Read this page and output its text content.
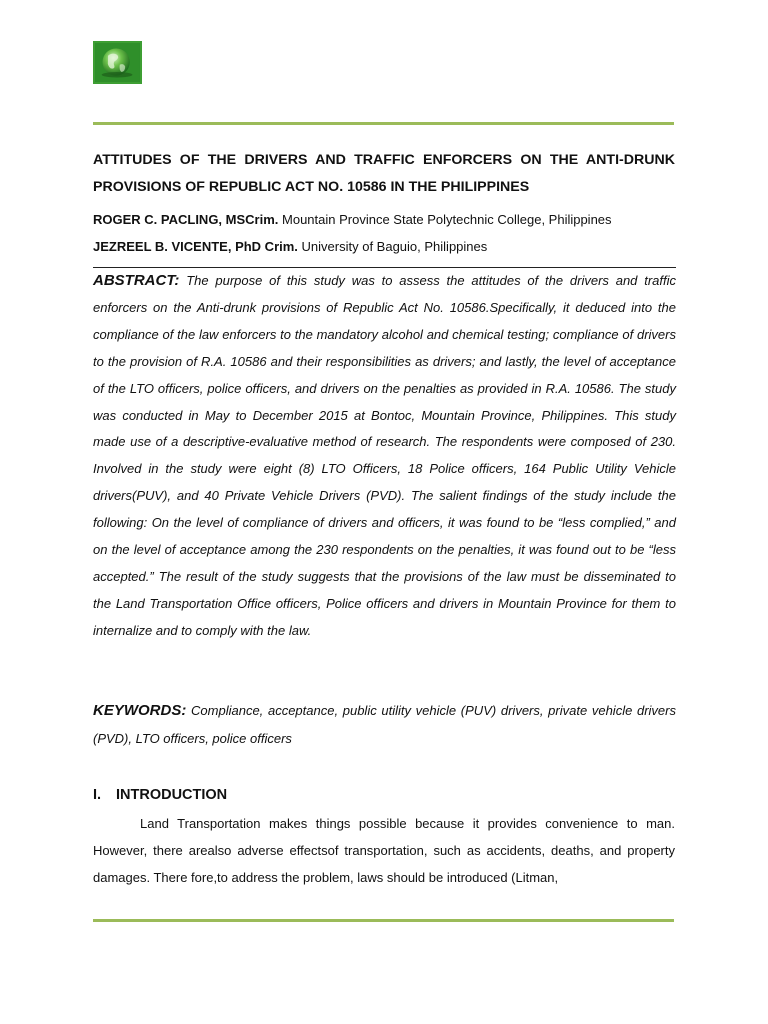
ATTITUDES OF THE DRIVERS AND TRAFFIC ENFORCERS ON THE ANTI-DRUNK PROVISIONS OF REPUBLIC ACT NO. 10586 IN THE PHILIPPINES
ROGER C. PACLING, MSCrim. Mountain Province State Polytechnic College, Philippines
JEZREEL B. VICENTE, PhD Crim. University of Baguio, Philippines

ABSTRACT: The purpose of this study was to assess the attitudes of the drivers and traffic enforcers on the Anti-drunk provisions of Republic Act No. 10586.Specifically, it deduced into the compliance of the law enforcers to the mandatory alcohol and chemical testing; compliance of drivers to the provision of R.A. 10586 and their responsibilities as drivers; and lastly, the level of acceptance of the LTO officers, police officers, and drivers on the penalties as provided in R.A. 10586. The study was conducted in May to December 2015 at Bontoc, Mountain Province, Philippines. This study made use of a descriptive-evaluative method of research. The respondents were composed of 230. Involved in the study were eight (8) LTO Officers, 18 Police officers, 164 Public Utility Vehicle drivers(PUV), and 40 Private Vehicle Drivers (PVD). The salient findings of the study include the following: On the level of compliance of drivers and officers, it was found to be “less complied,” and on the level of acceptance among the 230 respondents on the penalties, it was found out to be “less accepted.” The result of the study suggests that the provisions of the law must be disseminated to the Land Transportation Office officers, Police officers and drivers in Mountain Province for them to internalize and to comply with the law.

KEYWORDS: Compliance, acceptance, public utility vehicle (PUV) drivers, private vehicle drivers (PVD), LTO officers, police officers

I. INTRODUCTION

Land Transportation makes things possible because it provides convenience to man. However, there arealso adverse effectsof transportation, such as accidents, deaths, and property damages. There fore,to address the problem, laws should be introduced (Litman,
